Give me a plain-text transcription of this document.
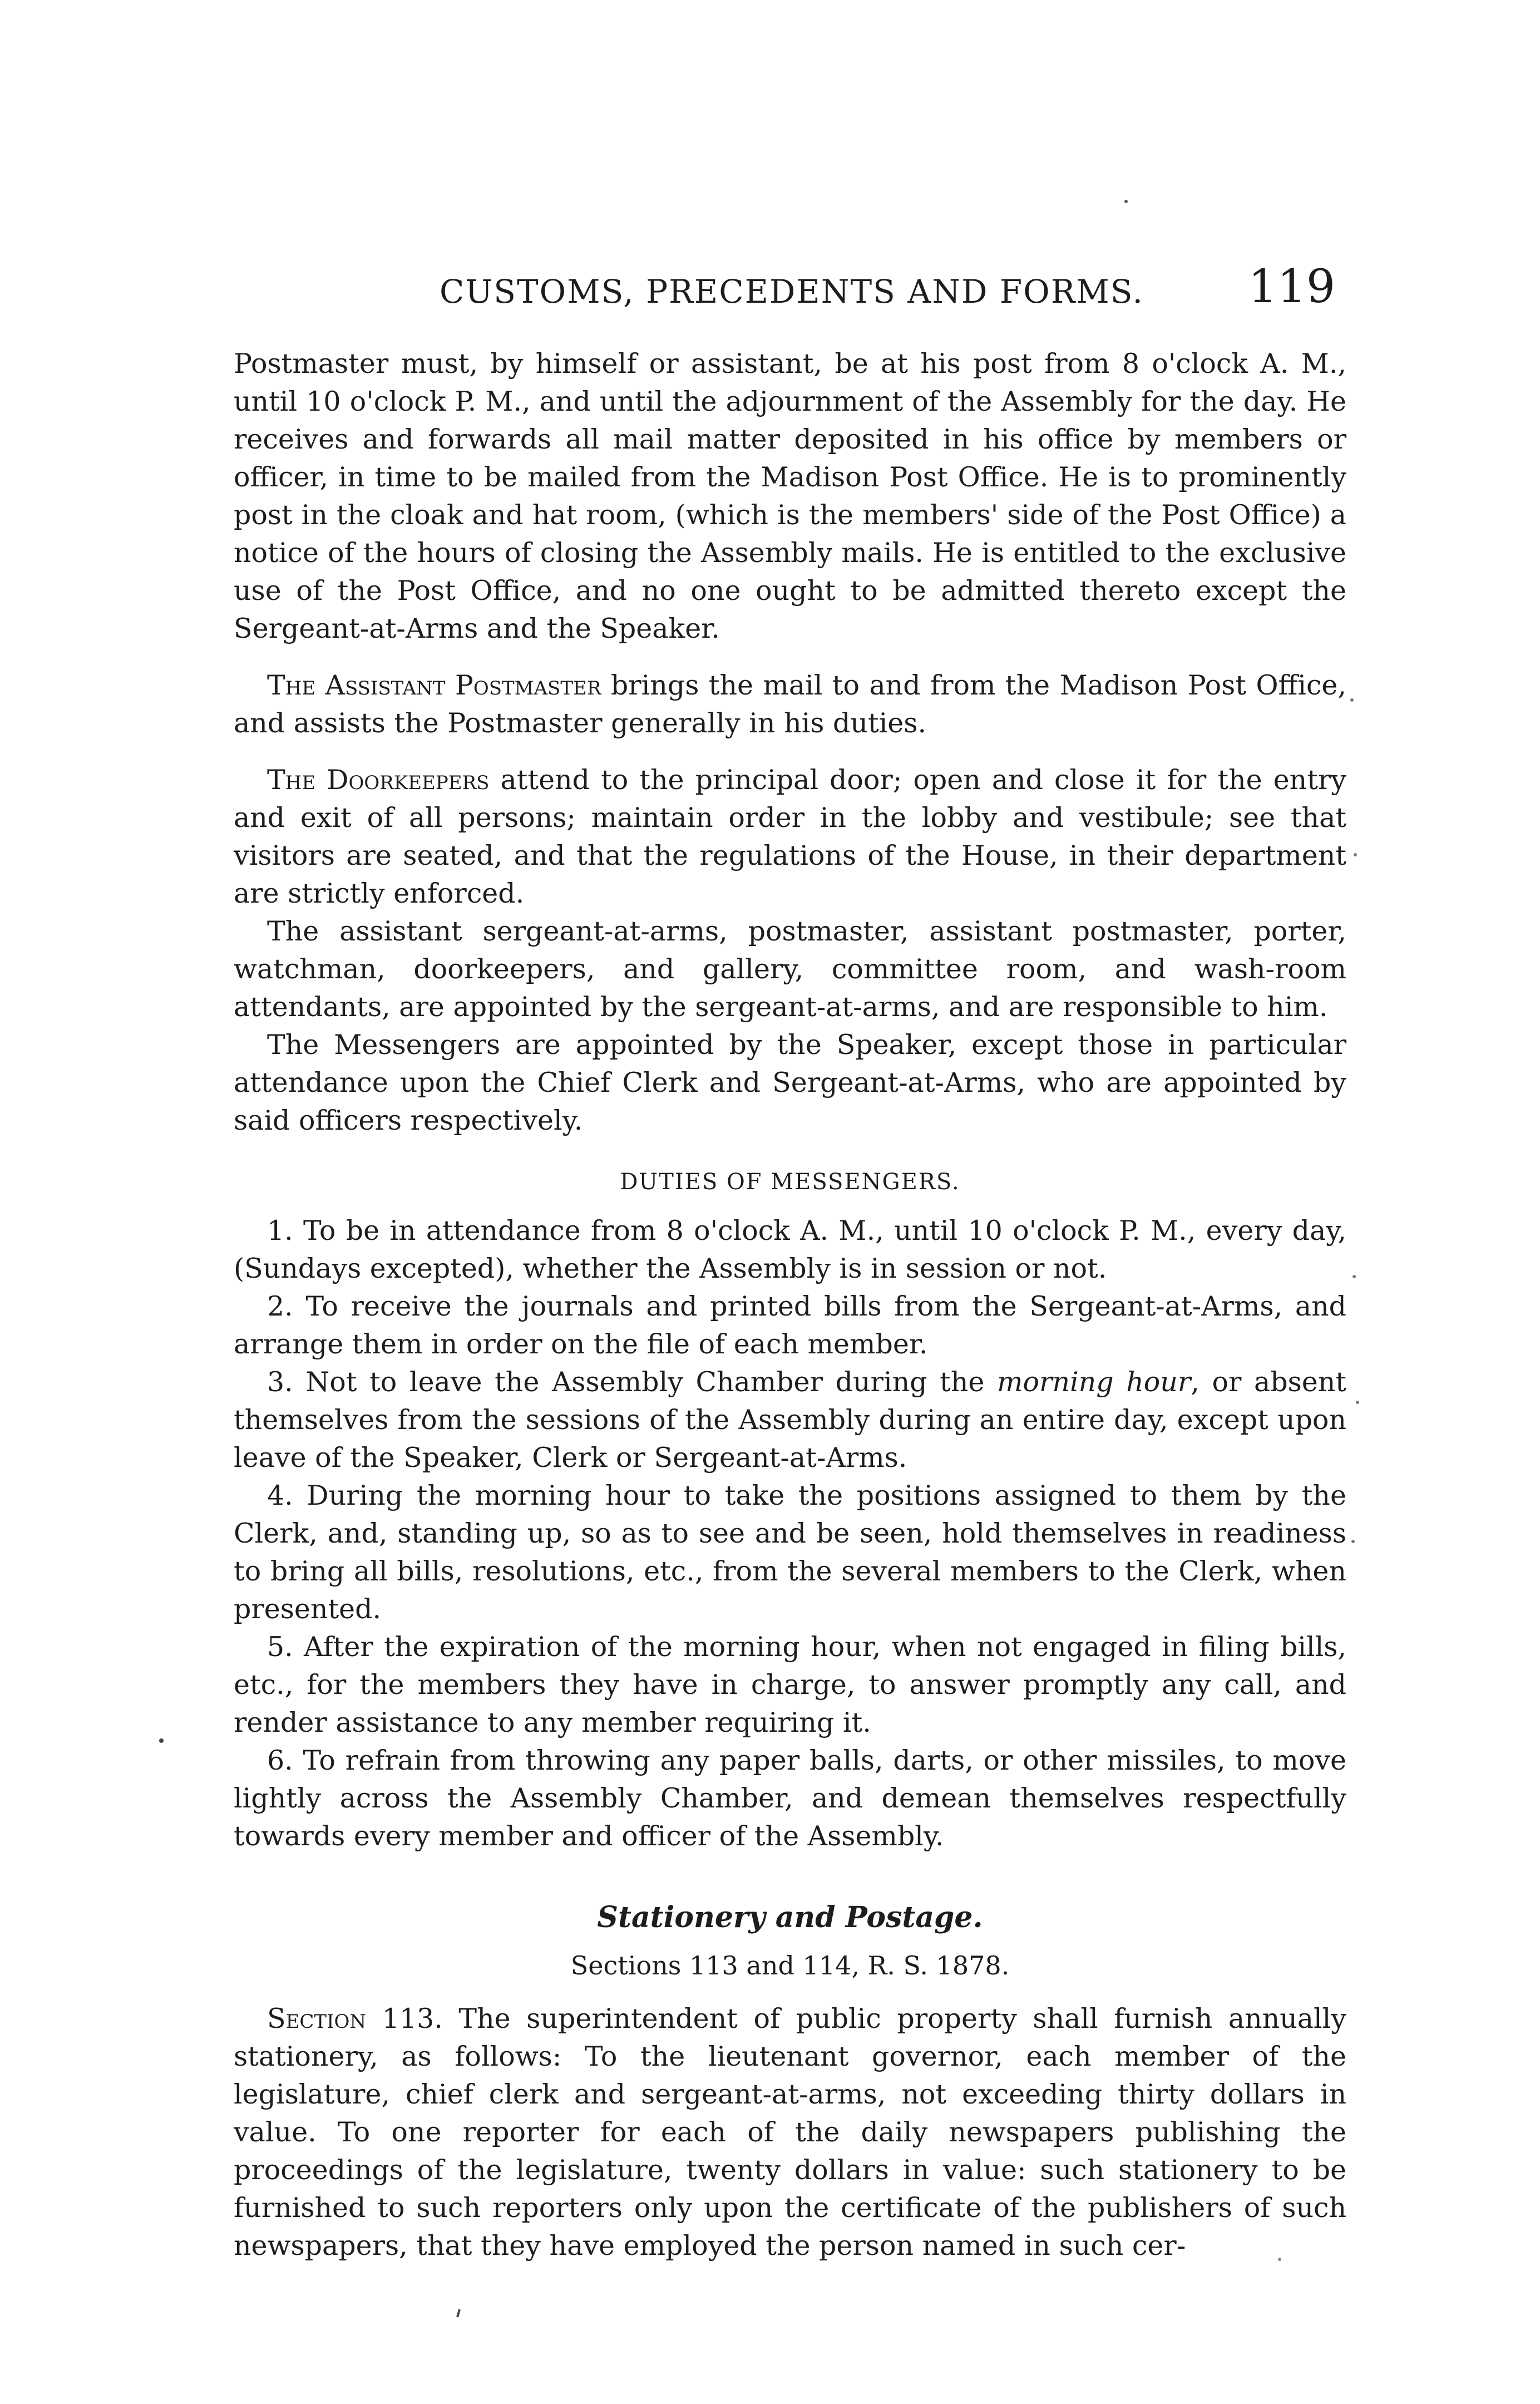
CUSTOMS, PRECEDENTS AND FORMS. 119

Postmaster must, by himself or assistant, be at his post from 8 o'clock A. M., until 10 o'clock P. M., and until the adjournment of the Assembly for the day. He receives and forwards all mail matter deposited in his office by members or officer, in time to be mailed from the Madison Post Office. He is to prominently post in the cloak and hat room, (which is the members' side of the Post Office) a notice of the hours of closing the Assembly mails. He is entitled to the exclusive use of the Post Office, and no one ought to be admitted thereto except the Sergeant-at-Arms and the Speaker.

The Assistant Postmaster brings the mail to and from the Madison Post Office, and assists the Postmaster generally in his duties.

The Doorkeepers attend to the principal door; open and close it for the entry and exit of all persons; maintain order in the lobby and vestibule; see that visitors are seated, and that the regulations of the House, in their department are strictly enforced.

The assistant sergeant-at-arms, postmaster, assistant postmaster, porter, watchman, doorkeepers, and gallery, committee room, and wash-room attendants, are appointed by the sergeant-at-arms, and are responsible to him.

The Messengers are appointed by the Speaker, except those in particular attendance upon the Chief Clerk and Sergeant-at-Arms, who are appointed by said officers respectively.

DUTIES OF MESSENGERS.

1. To be in attendance from 8 o'clock A. M., until 10 o'clock P. M., every day, (Sundays excepted), whether the Assembly is in session or not.

2. To receive the journals and printed bills from the Sergeant-at-Arms, and arrange them in order on the file of each member.

3. Not to leave the Assembly Chamber during the morning hour, or absent themselves from the sessions of the Assembly during an entire day, except upon leave of the Speaker, Clerk or Sergeant-at-Arms.

4. During the morning hour to take the positions assigned to them by the Clerk, and, standing up, so as to see and be seen, hold themselves in readiness to bring all bills, resolutions, etc., from the several members to the Clerk, when presented.

5. After the expiration of the morning hour, when not engaged in filing bills, etc., for the members they have in charge, to answer promptly any call, and render assistance to any member requiring it.

6. To refrain from throwing any paper balls, darts, or other missiles, to move lightly across the Assembly Chamber, and demean themselves respectfully towards every member and officer of the Assembly.

Stationery and Postage.
Sections 113 and 114, R. S. 1878.

Section 113. The superintendent of public property shall furnish annually stationery, as follows: To the lieutenant governor, each member of the legislature, chief clerk and sergeant-at-arms, not exceeding thirty dollars in value. To one reporter for each of the daily newspapers publishing the proceedings of the legislature, twenty dollars in value: such stationery to be furnished to such reporters only upon the certificate of the publishers of such newspapers, that they have employed the person named in such cer-
